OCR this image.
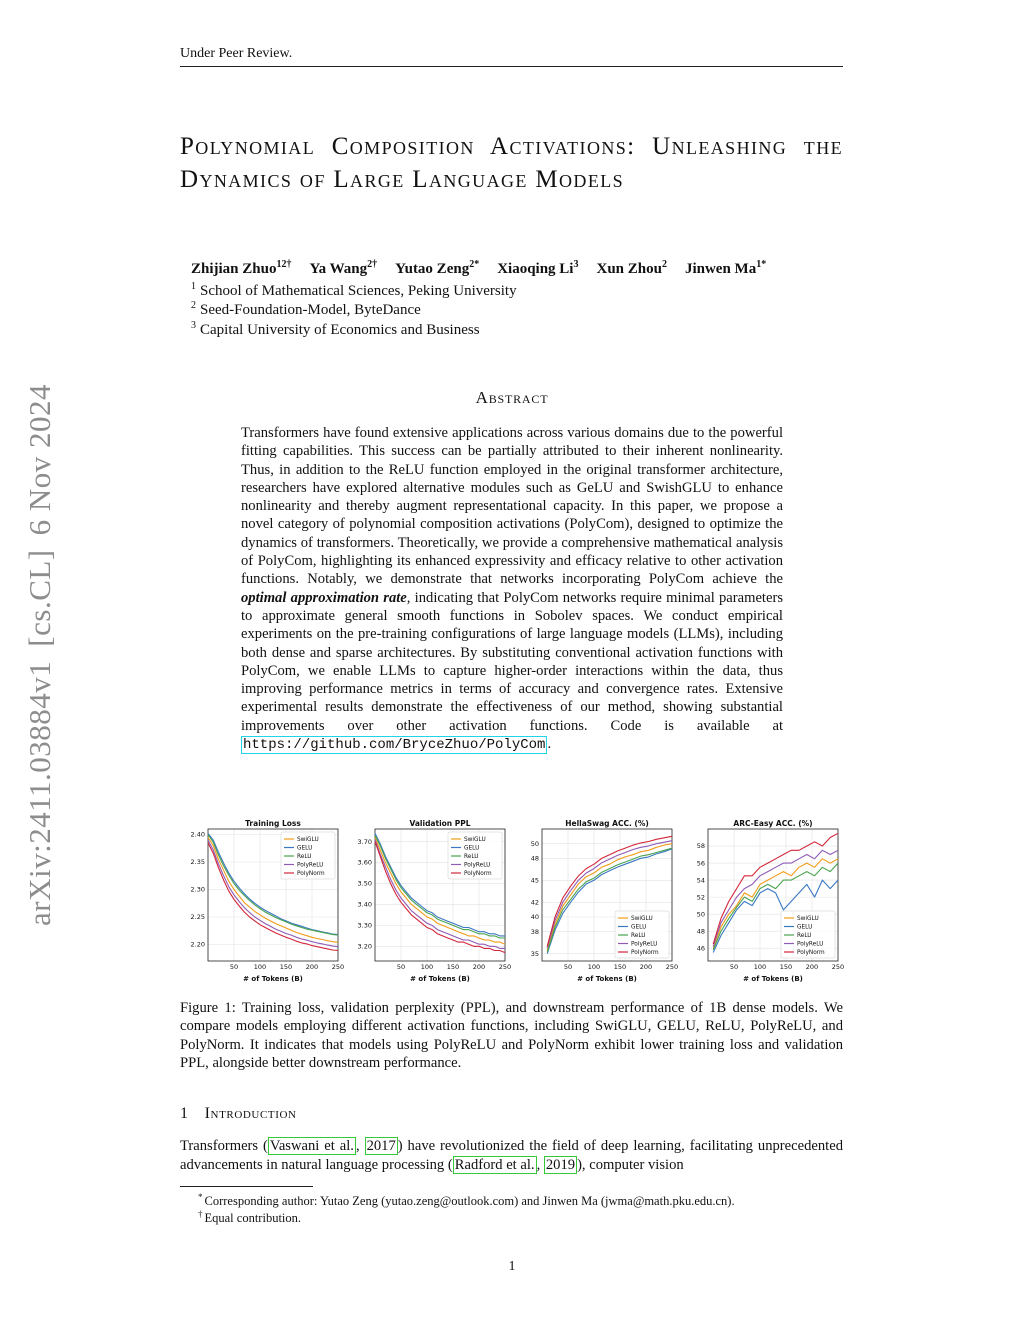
Under Peer Review.
Polynomial Composition Activations: Unleashing the Dynamics of Large Language Models
Zhijian Zhuo$^{12\dagger}$ Ya Wang$^{2\dagger}$ Yutao Zeng$^{2*}$ Xiaoqing Li$^3$ Xun Zhou$^2$ Jinwen $Ma^{1*}$
$^1$ School of Mathematical Sciences, Peking University
$^2$ Seed-Foundation-Model, ByteDance
$^3$ Capital University of Economics and Business
arXiv:2411.03884v1[cs.CL]6 Nov 2024	Abstract
Transformers have found extensive applications across various domains due to the powerful fitting capabilities. This success can be partially attributed to their inherent nonlinearity. Thus, in addition to the ReLU function employed in the original transformer architecture, researchers have explored alternative modules such as GeLU and SwishGLU to enhance nonlinearity and thereby augment representational capacity. In this paper, we propose a novel category of polynomial composition activations (PolyCom), designed to optimize the dynamics of transformers. Theoretically, we provide a comprehensive mathematical analysis of PolyCom, highlighting its enhanced expressivity and efficacy relative to other activation functions. Notably, we demonstrate that networks incorporating PolyCom achieve the optimal approximation rate, indicating that PolyCom networks require minimal parameters to approximate general smooth functions in Sobolev spaces. We conduct empirical experiments on the pre-training configurations of large language models (LLMs), including both dense and sparse architectures. By substituting conventional activation functions with PolyCom, we enable LLMs to capture higher-order interactions within the data, thus improving performance metrics in terms of accuracy and convergence rates. Extensive experimental results demonstrate the effectiveness of our method, showing substantial improvements over other activation functions. Code is available at https://github.com/BryceZhuo/PolyCom .
Training Loss
50 100 150 200 250
2.20
2.25
2.30
2.35
2.40
# of Tokens (B)
SwiGLU
GELU
ReLU
PolyReLU
PolyNorm
Validation PPL
50 100 150 200 250
3.20
3.30
3.40
3.50
3.60
3.70
# of Tokens (B)
SwiGLU
GELU
ReLU
PolyReLU
PolyNorm
HellaSwag ACC. (%)
50 100 150 200 250
35
38
40
42
45
48
50
# of Tokens (B)
SwiGLU
GELU
ReLU
PolyReLU
PolyNorm
ARC-Easy ACC. (%)
50 100 150 200 250
46
48
50
52
54
56
58
# of Tokens (B)
SwiGLU
GELU
ReLU
PolyReLU
PolyNorm
Figure 1: Training loss, validation perplexity (PPL), and downstream performance of 1B dense models. We compare models employing different activation functions, including SwiGLU, GELU, ReLU, PolyReLU, and PolyNorm. It indicates that models using PolyReLU and PolyNorm exhibit lower training loss and validation PPL, alongside better downstream performance.
1 Introduction
Transformers ( Vaswani et al. , 2017 ) have revolutionized the field of deep learning, facilitating unprecedented advancements in natural language processing ( Radford et al. , 2019 ), computer vision
* Corresponding author: Yutao Zeng (yutao.zeng@outlook.com) and Jinwen Ma (jwma@math.pku.edu.cn).
† Equal contribution.
1
